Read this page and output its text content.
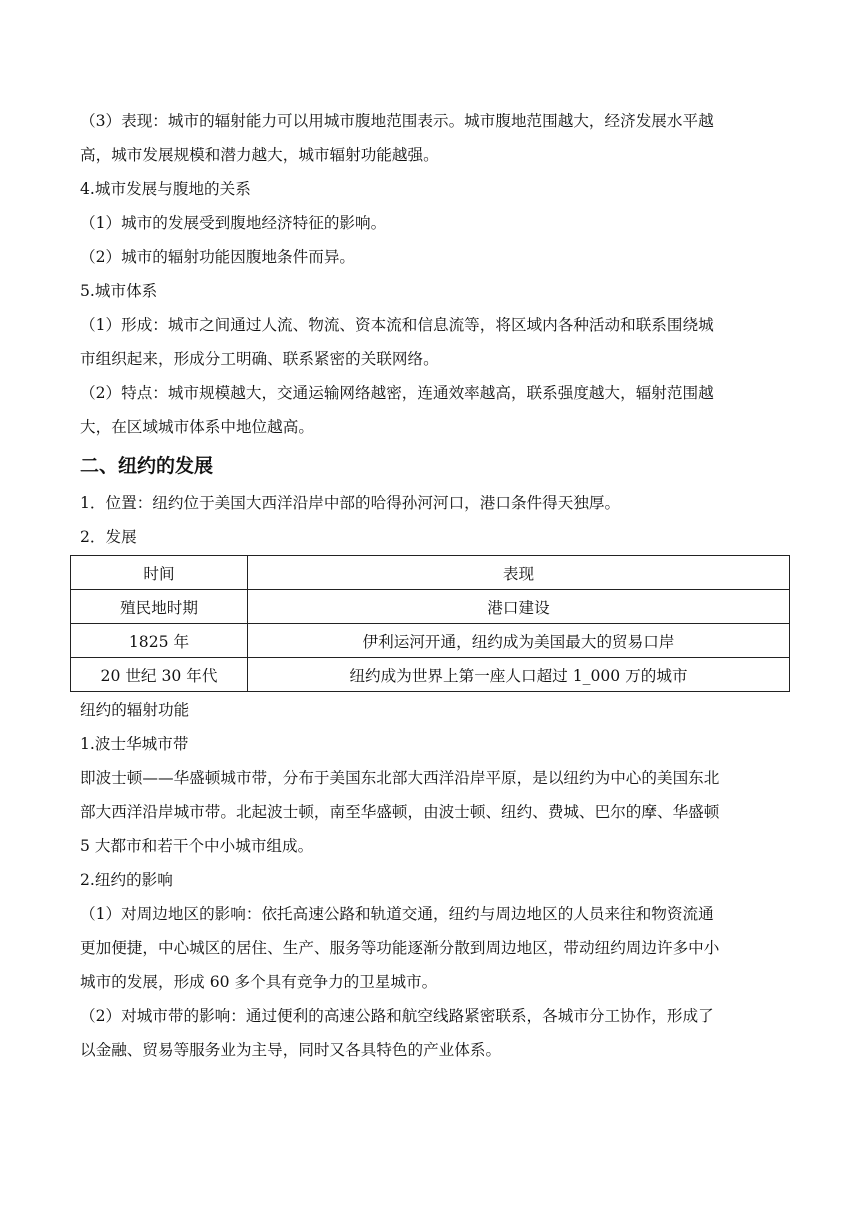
（3）表现：城市的辐射能力可以用城市腹地范围表示。城市腹地范围越大，经济发展水平越

高，城市发展规模和潜力越大，城市辐射功能越强。

4.城市发展与腹地的关系

（1）城市的发展受到腹地经济特征的影响。

（2）城市的辐射功能因腹地条件而异。

5.城市体系

（1）形成：城市之间通过人流、物流、资本流和信息流等，将区域内各种活动和联系围绕城

市组织起来，形成分工明确、联系紧密的关联网络。

（2）特点：城市规模越大，交通运输网络越密，连通效率越高，联系强度越大，辐射范围越

大，在区域城市体系中地位越高。

二、纽约的发展

1．位置：纽约位于美国大西洋沿岸中部的哈得孙河河口，港口条件得天独厚。

2．发展

时间	表现
殖民地时期	港口建设
1825 年	伊利运河开通，纽约成为美国最大的贸易口岸
20 世纪 30 年代	纽约成为世界上第一座人口超过 1_000 万的城市

纽约的辐射功能

1.波士华城市带

即波士顿——华盛顿城市带，分布于美国东北部大西洋沿岸平原，是以纽约为中心的美国东北

部大西洋沿岸城市带。北起波士顿，南至华盛顿，由波士顿、纽约、费城、巴尔的摩、华盛顿

5 大都市和若干个中小城市组成。

2.纽约的影响

（1）对周边地区的影响：依托高速公路和轨道交通，纽约与周边地区的人员来往和物资流通

更加便捷，中心城区的居住、生产、服务等功能逐渐分散到周边地区，带动纽约周边许多中小

城市的发展，形成 60 多个具有竞争力的卫星城市。

（2）对城市带的影响：通过便利的高速公路和航空线路紧密联系，各城市分工协作，形成了

以金融、贸易等服务业为主导，同时又各具特色的产业体系。
